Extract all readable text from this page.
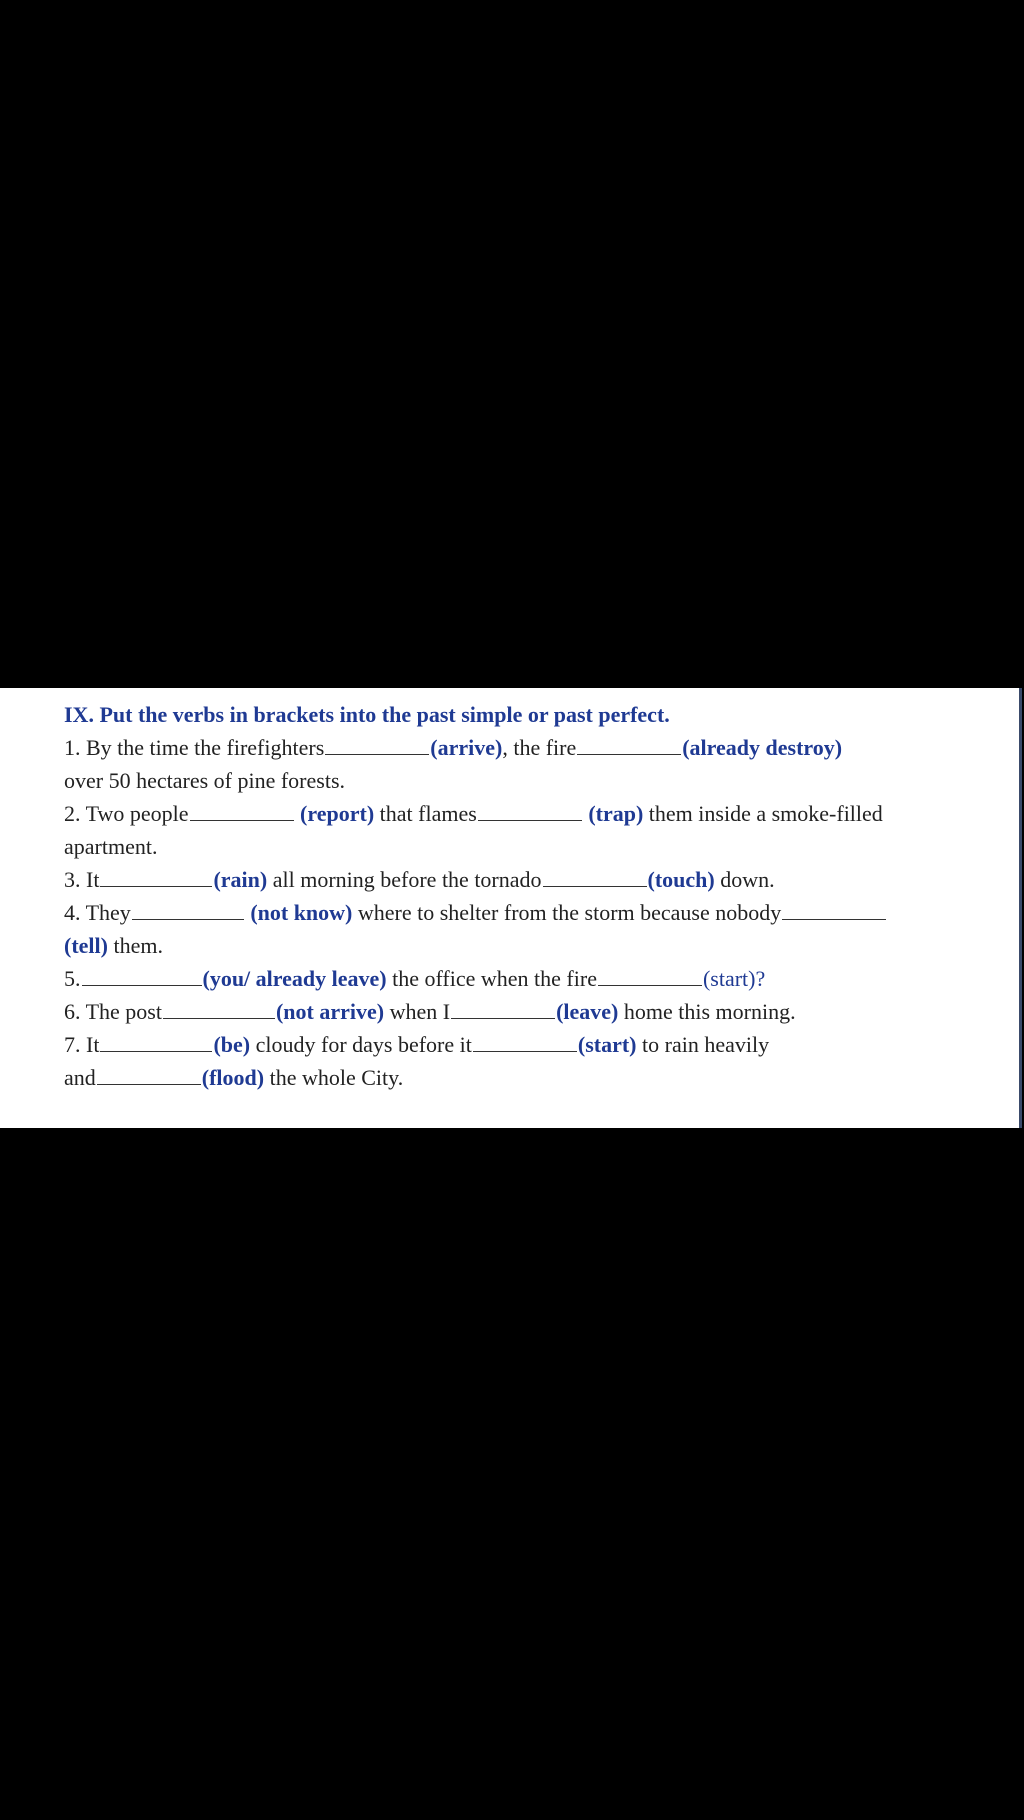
IX. Put the verbs in brackets into the past simple or past perfect.
1. By the time the firefighters	(arrive), the fire	(already destroy)
over 50 hectares of pine forests.
2. Two people	(report) that flames	(trap) them inside a smoke-filled
apartment.
3. It	(rain) all morning before the tornado	(touch) down.
4. They	(not know) where to shelter from the storm because nobody
(tell) them.
5.	(you/ already leave) the office when the fire	(start)?
6. The post	(not arrive) when I	(leave) home this morning.
7. It	(be) cloudy for days before it	(start) to rain heavily
and	(flood) the whole City.
